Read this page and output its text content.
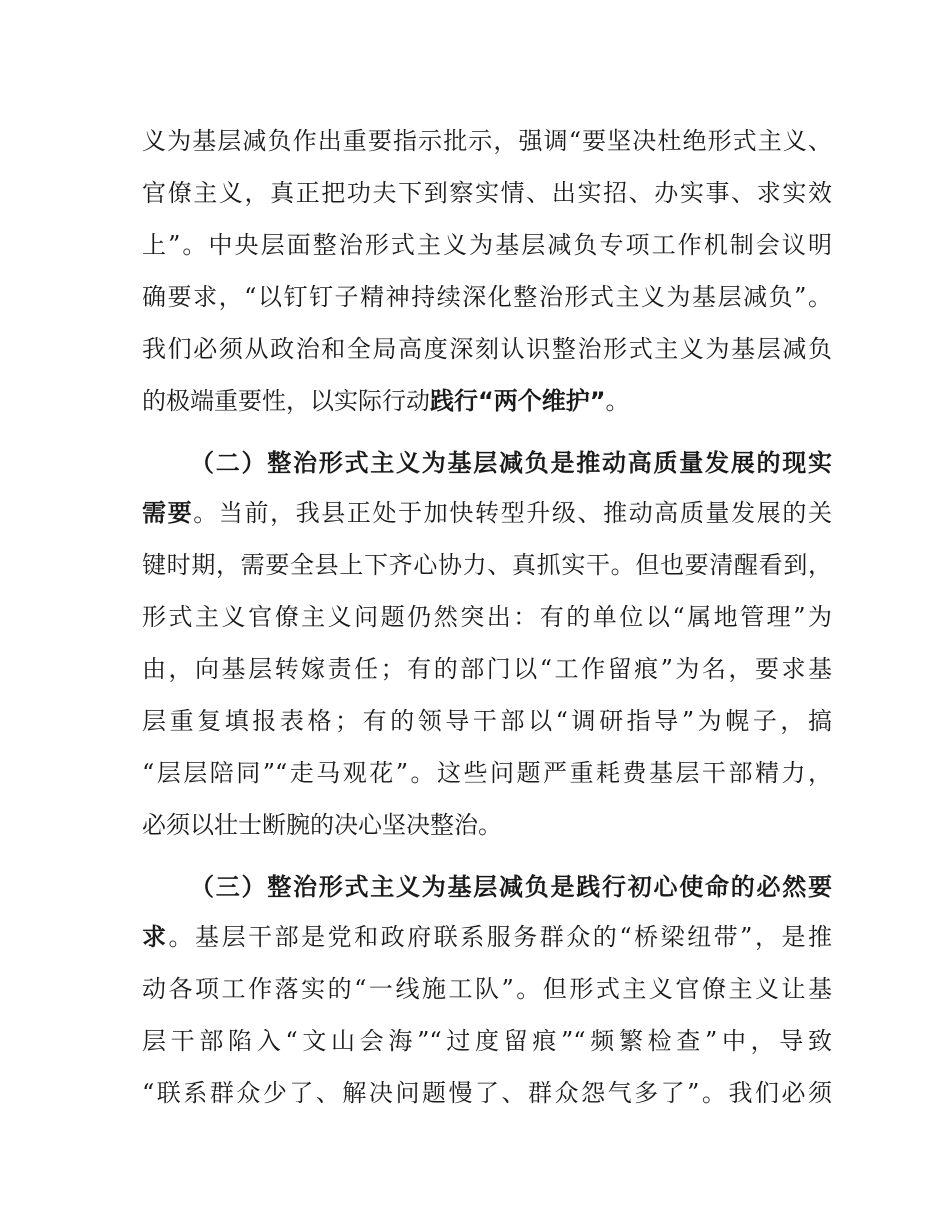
义为基层减负作出重要指示批示，强调“要坚决杜绝形式主义、
官僚主义，真正把功夫下到察实情、出实招、办实事、求实效
上”。中央层面整治形式主义为基层减负专项工作机制会议明
确要求，“以钉钉子精神持续深化整治形式主义为基层减负”。
我们必须从政治和全局高度深刻认识整治形式主义为基层减负
的极端重要性，以实际行动践行“两个维护”。
（二）整治形式主义为基层减负是推动高质量发展的现实
需要。当前，我县正处于加快转型升级、推动高质量发展的关
键时期，需要全县上下齐心协力、真抓实干。但也要清醒看到，
形式主义官僚主义问题仍然突出：有的单位以“属地管理”为
由，向基层转嫁责任；有的部门以“工作留痕”为名，要求基
层重复填报表格；有的领导干部以“调研指导”为幌子，搞
“层层陪同”“走马观花”。这些问题严重耗费基层干部精力，
必须以壮士断腕的决心坚决整治。
（三）整治形式主义为基层减负是践行初心使命的必然要
求。基层干部是党和政府联系服务群众的“桥梁纽带”，是推
动各项工作落实的“一线施工队”。但形式主义官僚主义让基
层干部陷入“文山会海”“过度留痕”“频繁检查”中，导致
“联系群众少了、解决问题慢了、群众怨气多了”。我们必须
